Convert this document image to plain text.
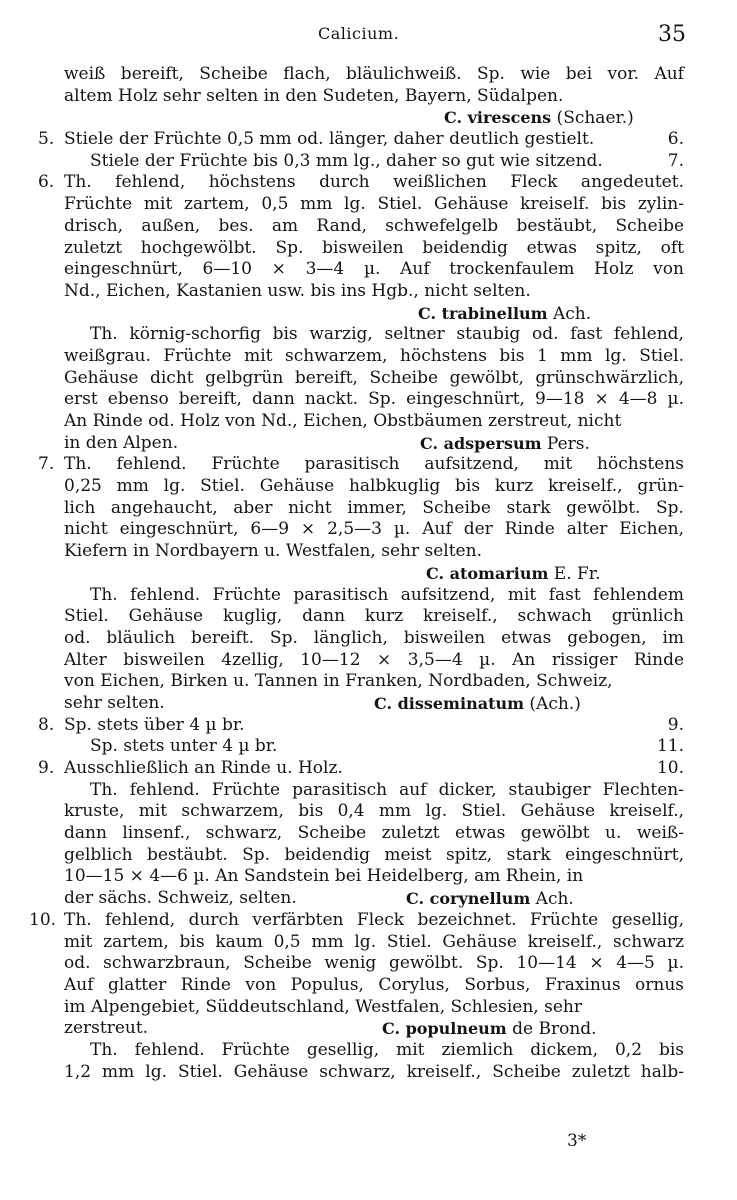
Calicium.	35
weiß bereift, Scheibe flach, bläulichweiß. Sp. wie bei vor. Auf
altem Holz sehr selten in den Sudeten, Bayern, Südalpen.
C. virescens (Schaer.)
5. Stiele der Früchte 0,5 mm od. länger, daher deutlich gestielt.	6.
Stiele der Früchte bis 0,3 mm lg., daher so gut wie sitzend.	7.
6. Th. fehlend, höchstens durch weißlichen Fleck angedeutet.
Früchte mit zartem, 0,5 mm lg. Stiel. Gehäuse kreiself. bis zylin-
drisch, außen, bes. am Rand, schwefelgelb bestäubt, Scheibe
zuletzt hochgewölbt. Sp. bisweilen beidendig etwas spitz, oft
eingeschnürt, 6—10 × 3—4 µ. Auf trockenfaulem Holz von
Nd., Eichen, Kastanien usw. bis ins Hgb., nicht selten.
C. trabinellum Ach.
Th. körnig-schorfig bis warzig, seltner staubig od. fast fehlend,
weißgrau. Früchte mit schwarzem, höchstens bis 1 mm lg. Stiel.
Gehäuse dicht gelbgrün bereift, Scheibe gewölbt, grünschwärzlich,
erst ebenso bereift, dann nackt. Sp. eingeschnürt, 9—18 × 4—8 µ.
An Rinde od. Holz von Nd., Eichen, Obstbäumen zerstreut, nicht
in den Alpen.	C. adspersum Pers.
7. Th. fehlend. Früchte parasitisch aufsitzend, mit höchstens
0,25 mm lg. Stiel. Gehäuse halbkuglig bis kurz kreiself., grün-
lich angehaucht, aber nicht immer, Scheibe stark gewölbt. Sp.
nicht eingeschnürt, 6—9 × 2,5—3 µ. Auf der Rinde alter Eichen,
Kiefern in Nordbayern u. Westfalen, sehr selten.
C. atomarium E. Fr.
Th. fehlend. Früchte parasitisch aufsitzend, mit fast fehlendem
Stiel. Gehäuse kuglig, dann kurz kreiself., schwach grünlich
od. bläulich bereift. Sp. länglich, bisweilen etwas gebogen, im
Alter bisweilen 4zellig, 10—12 × 3,5—4 µ. An rissiger Rinde
von Eichen, Birken u. Tannen in Franken, Nordbaden, Schweiz,
sehr selten.	C. disseminatum (Ach.)
8. Sp. stets über 4 µ br.	9.
Sp. stets unter 4 µ br.	11.
9. Ausschließlich an Rinde u. Holz.	10.
Th. fehlend. Früchte parasitisch auf dicker, staubiger Flechten-
kruste, mit schwarzem, bis 0,4 mm lg. Stiel. Gehäuse kreiself.,
dann linsenf., schwarz, Scheibe zuletzt etwas gewölbt u. weiß-
gelblich bestäubt. Sp. beidendig meist spitz, stark eingeschnürt,
10—15 × 4—6 µ. An Sandstein bei Heidelberg, am Rhein, in
der sächs. Schweiz, selten.	C. corynellum Ach.
10. Th. fehlend, durch verfärbten Fleck bezeichnet. Früchte gesellig,
mit zartem, bis kaum 0,5 mm lg. Stiel. Gehäuse kreiself., schwarz
od. schwarzbraun, Scheibe wenig gewölbt. Sp. 10—14 × 4—5 µ.
Auf glatter Rinde von Populus, Corylus, Sorbus, Fraxinus ornus
im Alpengebiet, Süddeutschland, Westfalen, Schlesien, sehr
zerstreut.	C. populneum de Brond.
Th. fehlend. Früchte gesellig, mit ziemlich dickem, 0,2 bis
1,2 mm lg. Stiel. Gehäuse schwarz, kreiself., Scheibe zuletzt halb-
3*
